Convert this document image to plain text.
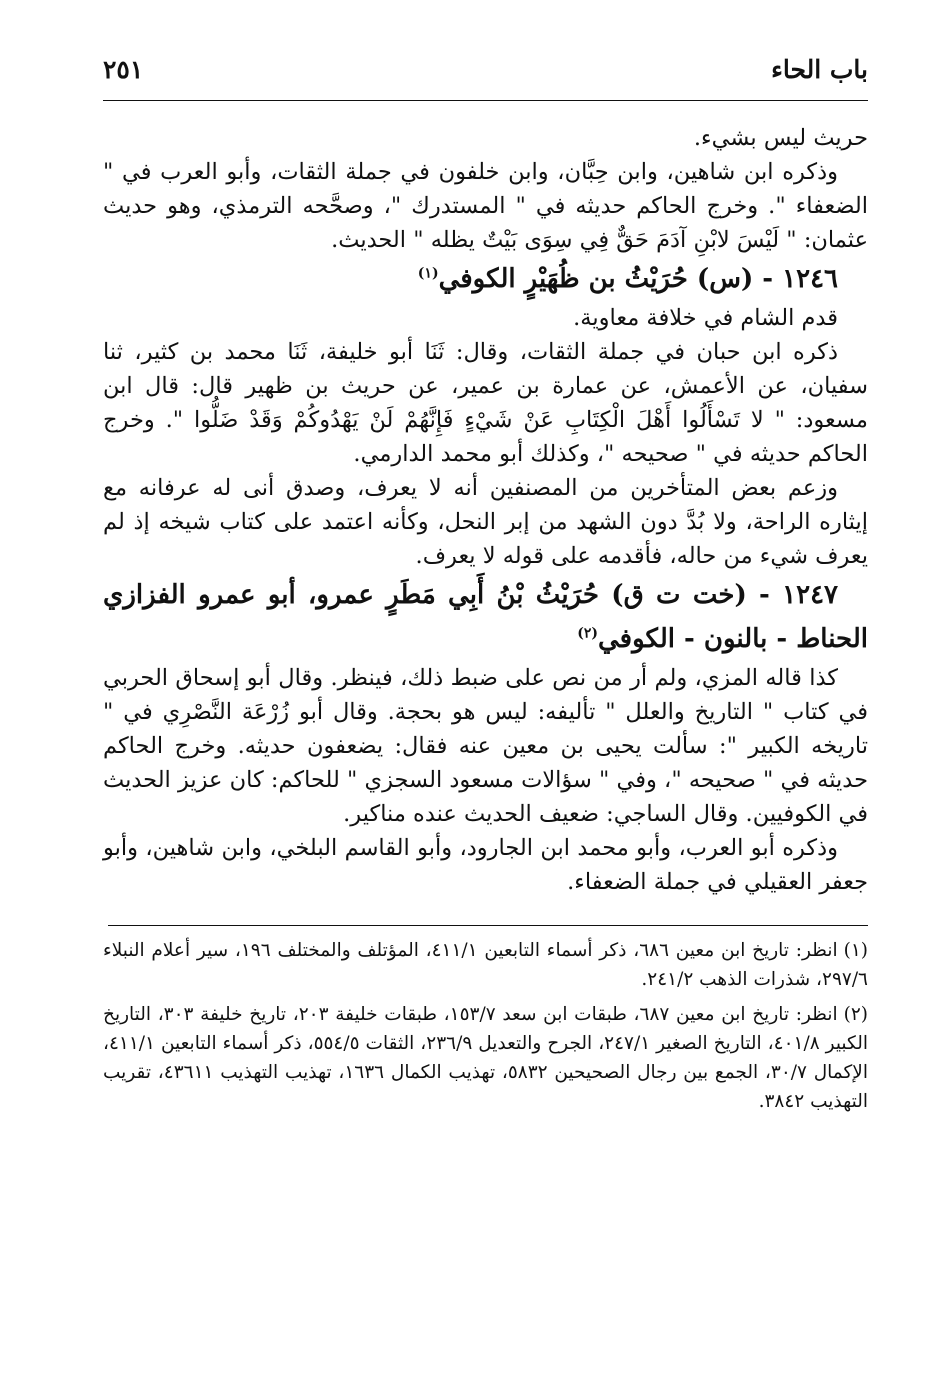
باب الحاء
٢٥١

حريث ليس بشيء.

وذكره ابن شاهين، وابن حِبَّان، وابن خلفون في جملة الثقات، وأبو العرب في " الضعفاء ". وخرج الحاكم حديثه في " المستدرك "، وصحَّحه الترمذي، وهو حديث عثمان: " لَيْسَ لابْنِ آدَمَ حَقٌّ فِي سِوَى بَيْتٌ يظله " الحديث.

١٢٤٦ - (س) حُرَيْثُ بن ظُهَيْرٍ الكوفي$^{(١)}$

قدم الشام في خلافة معاوية.

ذكره ابن حبان في جملة الثقات، وقال: ثَنَا أبو خليفة، ثَنَا محمد بن كثير، ثنا سفيان، عن الأعمش، عن عمارة بن عمير، عن حريث بن ظهير قال: قال ابن مسعود: " لا تَسْأَلُوا أَهْلَ الْكِتَابِ عَنْ شَيْءٍ فَإِنَّهُمْ لَنْ يَهْدُوكُمْ وَقَدْ ضَلُّوا ". وخرج الحاكم حديثه في " صحيحه "، وكذلك أبو محمد الدارمي.

وزعم بعض المتأخرين من المصنفين أنه لا يعرف، وصدق أنى له عرفانه مع إيثاره الراحة، ولا بُدَّ دون الشهد من إبر النحل، وكأنه اعتمد على كتاب شيخه إذ لم يعرف شيء من حاله، فأقدمه على قوله لا يعرف.

١٢٤٧ - (خت ت ق) حُرَيْثُ بْنُ أَبِي مَطَرٍ عمرو، أبو عمرو الفزازي الحناط - بالنون - الكوفي$^{(٢)}$

كذا قاله المزي، ولم أر من نص على ضبط ذلك، فينظر. وقال أبو إسحاق الحربي في كتاب " التاريخ والعلل " تأليفه: ليس هو بحجة. وقال أبو زُرْعَة النَّصْرِي في " تاريخه الكبير ": سألت يحيى بن معين عنه فقال: يضعفون حديثه. وخرج الحاكم حديثه في " صحيحه "، وفي " سؤالات مسعود السجزي " للحاكم: كان عزيز الحديث في الكوفيين. وقال الساجي: ضعيف الحديث عنده مناكير.

وذكره أبو العرب، وأبو محمد ابن الجارود، وأبو القاسم البلخي، وابن شاهين، وأبو جعفر العقيلي في جملة الضعفاء.

(١)انظر: تاريخ ابن معين ٦٨٦، ذكر أسماء التابعين ٤١١/١، المؤتلف والمختلف ١٩٦، سير أعلام النبلاء ٢٩٧/٦، شذرات الذهب ٢٤١/٢.

(٢)انظر: تاريخ ابن معين ٦٨٧، طبقات ابن سعد ١٥٣/٧، طبقات خليفة ٢٠٣، تاريخ خليفة ٣٠٣، التاريخ الكبير ٤٠١/٨، التاريخ الصغير ٢٤٧/١، الجرح والتعديل ٢٣٦/٩، الثقات ٥٥٤/٥، ذكر أسماء التابعين ٤١١/١، الإكمال ٣٠/٧، الجمع بين رجال الصحيحين ٥٨٣٢، تهذيب الكمال ١٦٣٦، تهذيب التهذيب ٤٣٦١١، تقريب التهذيب ٣٨٤٢.
